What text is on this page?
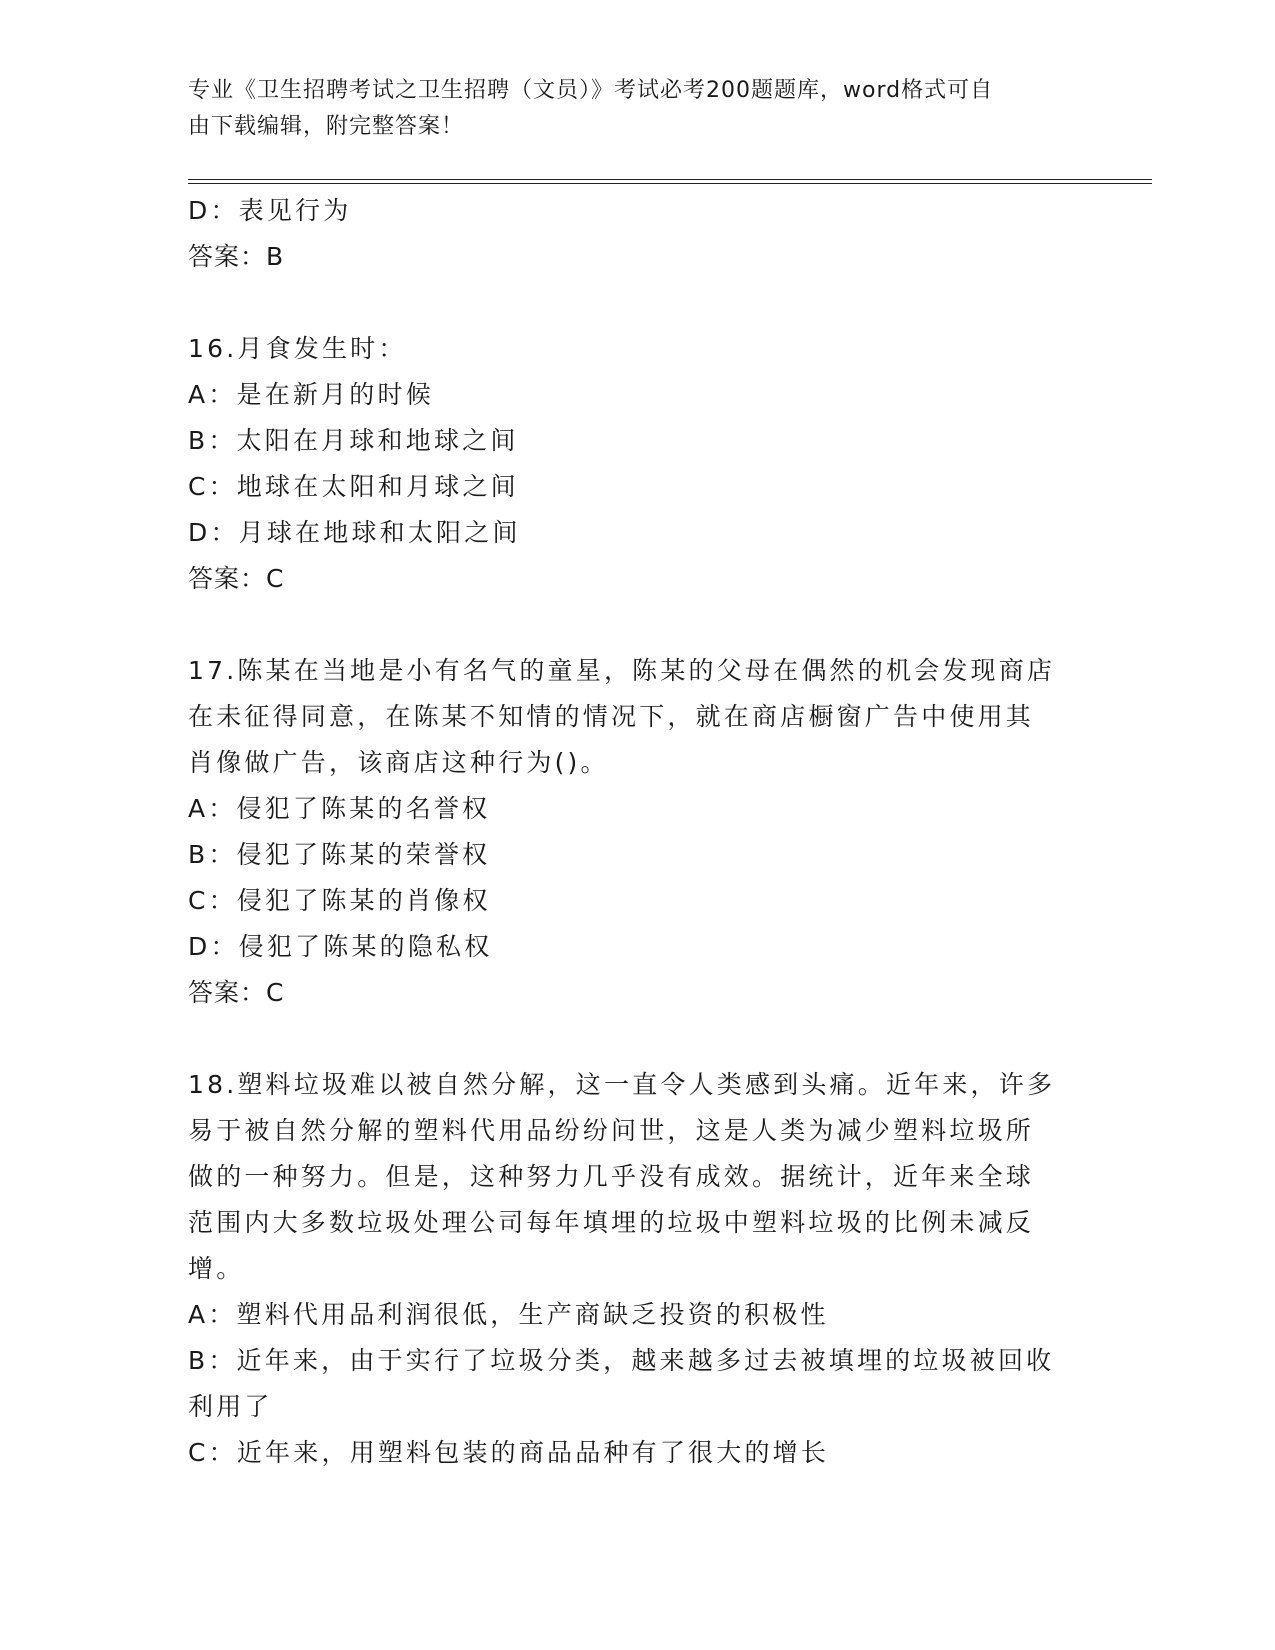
专业《卫生招聘考试之卫生招聘（文员）》考试必考200题题库，word格式可自
由下载编辑，附完整答案！
D：表见行为
答案：B
16.月食发生时：
A：是在新月的时候
B：太阳在月球和地球之间
C：地球在太阳和月球之间
D：月球在地球和太阳之间
答案：C
17.陈某在当地是小有名气的童星，陈某的父母在偶然的机会发现商店
在未征得同意，在陈某不知情的情况下，就在商店橱窗广告中使用其
肖像做广告，该商店这种行为()。
A：侵犯了陈某的名誉权
B：侵犯了陈某的荣誉权
C：侵犯了陈某的肖像权
D：侵犯了陈某的隐私权
答案：C
18.塑料垃圾难以被自然分解，这一直令人类感到头痛。近年来，许多
易于被自然分解的塑料代用品纷纷问世，这是人类为减少塑料垃圾所
做的一种努力。但是，这种努力几乎没有成效。据统计，近年来全球
范围内大多数垃圾处理公司每年填埋的垃圾中塑料垃圾的比例未减反
增。
A：塑料代用品利润很低，生产商缺乏投资的积极性
B：近年来，由于实行了垃圾分类，越来越多过去被填埋的垃圾被回收
利用了
C：近年来，用塑料包装的商品品种有了很大的增长
